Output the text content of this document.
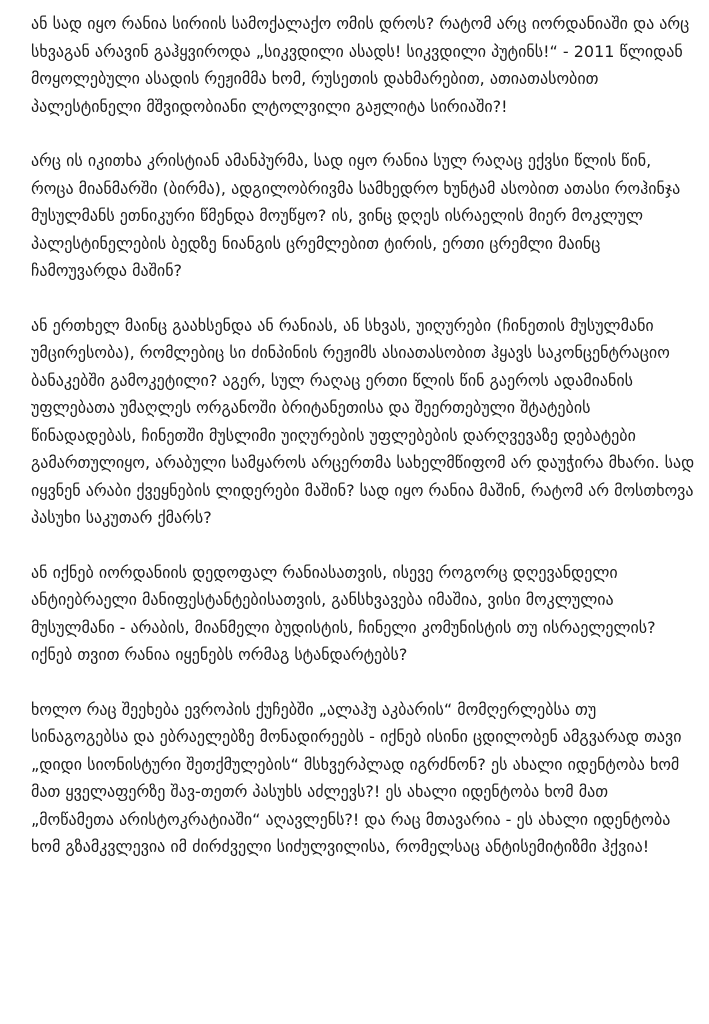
ან სად იყო რანია სირიის სამოქალაქო ომის დროს? რატომ არც იორდანიაში და არც სხვაგან არავინ გაჰყვიროდა „სიკვდილი ასადს! სიკვდილი პუტინს!“ - 2011 წლიდან მოყოლებული ასადის რეჟიმმა ხომ, რუსეთის დახმარებით, ათიათასობით პალესტინელი მშვიდობიანი ლტოლვილი გაჟლიტა სირიაში?!

არც ის იკითხა კრისტიან ამანპურმა, სად იყო რანია სულ რაღაც ექვსი წლის წინ, როცა მიანმარში (ბირმა), ადგილობრივმა სამხედრო ხუნტამ ასობით ათასი როჰინჯა მუსულმანს ეთნიკური წმენდა მოუწყო? ის, ვინც დღეს ისრაელის მიერ მოკლულ პალესტინელების ბედზე ნიანგის ცრემლებით ტირის, ერთი ცრემლი მაინც ჩამოუვარდა მაშინ?

ან ერთხელ მაინც გაახსენდა ან რანიას, ან სხვას, უიღურები (ჩინეთის მუსულმანი უმცირესობა), რომლებიც სი ძინპინის რეჟიმს ასიათასობით ჰყავს საკონცენტრაციო ბანაკებში გამოკეტილი? აგერ, სულ რაღაც ერთი წლის წინ გაეროს ადამიანის უფლებათა უმაღლეს ორგანოში ბრიტანეთისა და შეერთებული შტატების წინადადებას, ჩინეთში მუსლიმი უიღურების უფლებების დარღვევაზე დებატები გამართულიყო, არაბული სამყაროს არცერთმა სახელმწიფომ არ დაუჭირა მხარი. სად იყვნენ არაბი ქვეყნების ლიდერები მაშინ? სად იყო რანია მაშინ, რატომ არ მოსთხოვა პასუხი საკუთარ ქმარს?

ან იქნებ იორდანიის დედოფალ რანიასათვის, ისევე როგორც დღევანდელი ანტიებრაელი მანიფესტანტებისათვის, განსხვავება იმაშია, ვისი მოკლულია მუსულმანი - არაბის, მიანმელი ბუდისტის, ჩინელი კომუნისტის თუ ისრაელელის? იქნებ თვით რანია იყენებს ორმაგ სტანდარტებს?

ხოლო რაც შეეხება ევროპის ქუჩებში „ალაჰუ აკბარის“ მომღერლებსა თუ სინაგოგებსა და ებრაელებზე მონადირეებს - იქნებ ისინი ცდილობენ ამგვარად თავი „დიდი სიონისტური შეთქმულების“ მსხვერპლად იგრძნონ? ეს ახალი იდენტობა ხომ მათ ყველაფერზე შავ-თეთრ პასუხს აძლევს?! ეს ახალი იდენტობა ხომ მათ „მოწამეთა არისტოკრატიაში“ აღავლენს?! და რაც მთავარია - ეს ახალი იდენტობა ხომ გზამკვლევია იმ ძირძველი სიძულვილისა, რომელსაც ანტისემიტიზმი ჰქვია!
